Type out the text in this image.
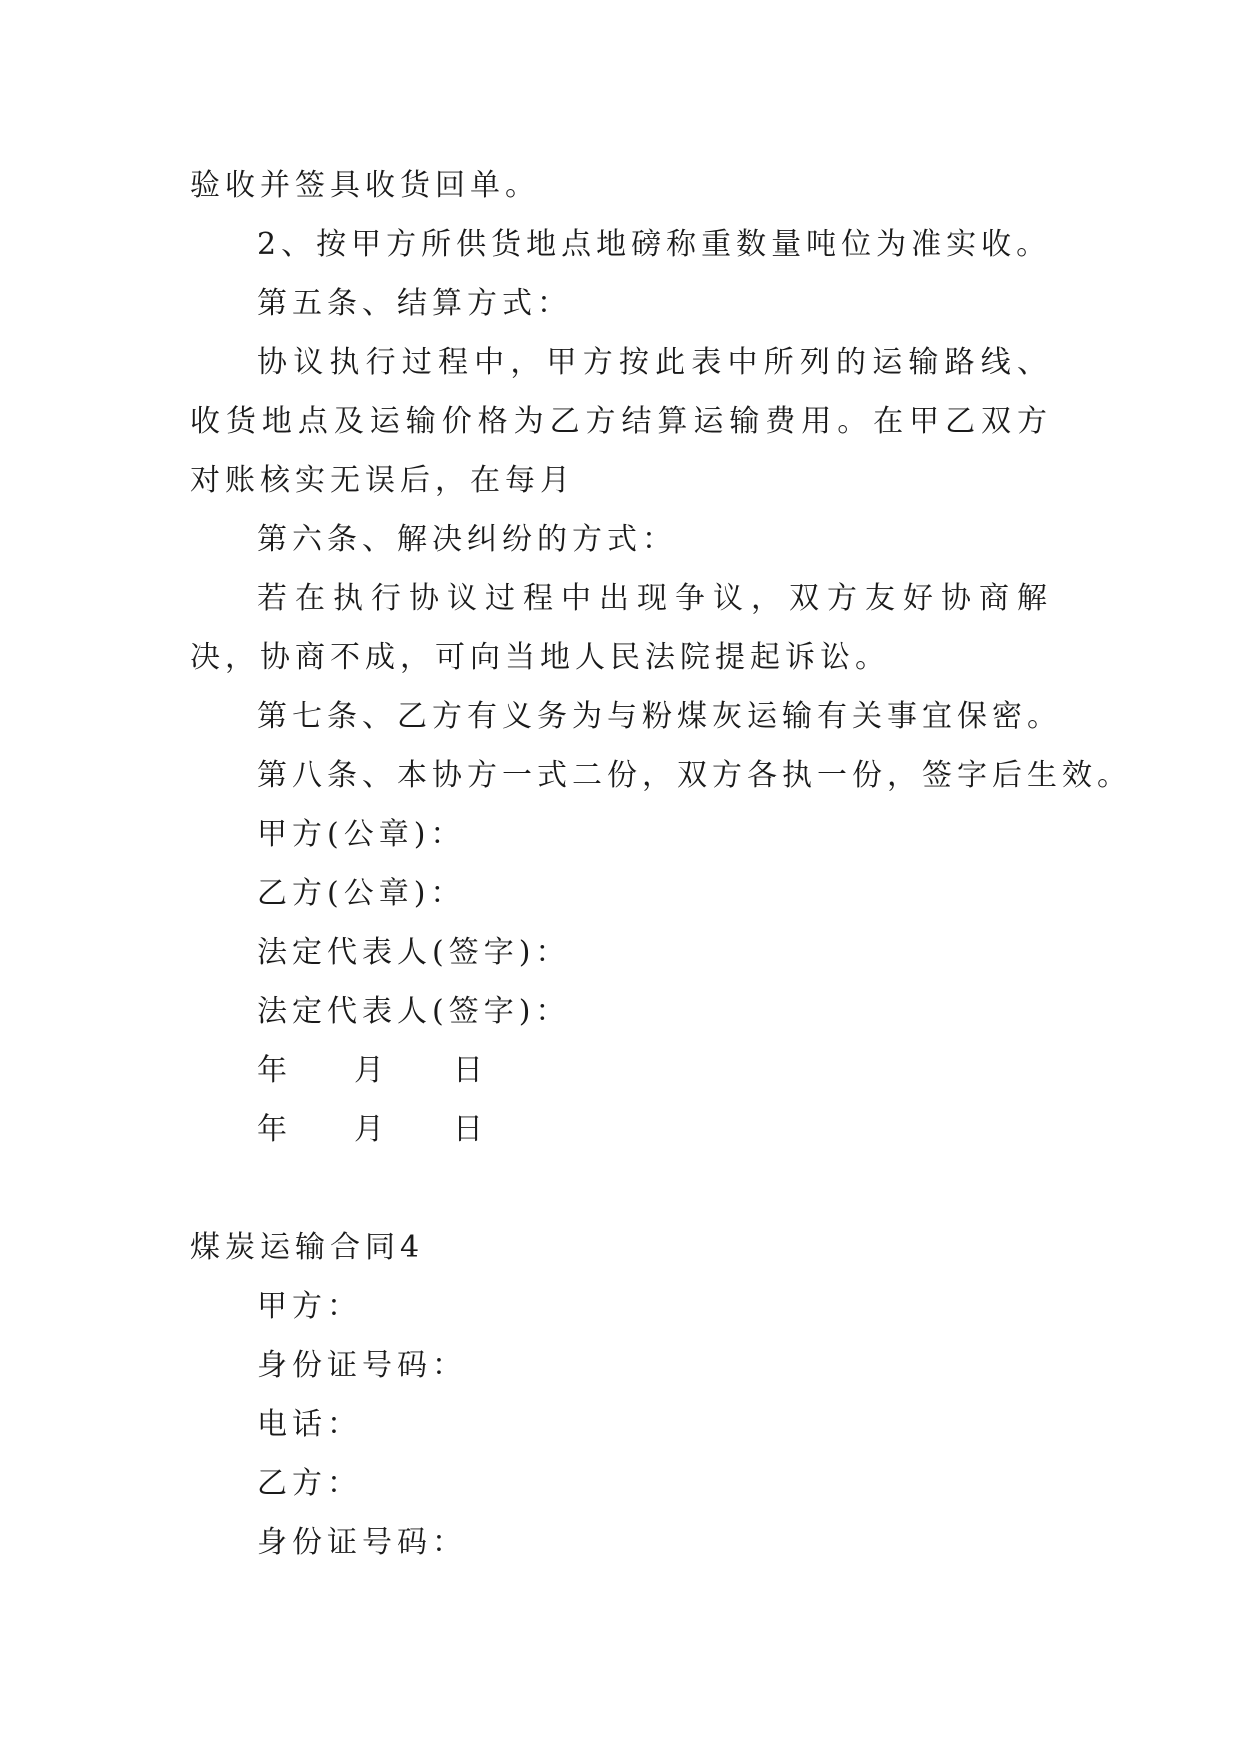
验收并签具收货回单。
2、按甲方所供货地点地磅称重数量吨位为准实收。
第五条、结算方式：
协议执行过程中，甲方按此表中所列的运输路线、收货地点及运输价格为乙方结算运输费用。在甲乙双方对账核实无误后，在每月
第六条、解决纠纷的方式：
若在执行协议过程中出现争议，双方友好协商解决，协商不成，可向当地人民法院提起诉讼。
第七条、乙方有义务为与粉煤灰运输有关事宜保密。
第八条、本协方一式二份，双方各执一份，签字后生效。
甲方(公章)：
乙方(公章)：
法定代表人(签字)：
法定代表人(签字)：
年 月 日
年 月 日
煤炭运输合同4
甲方：
身份证号码：
电话：
乙方：
身份证号码：
